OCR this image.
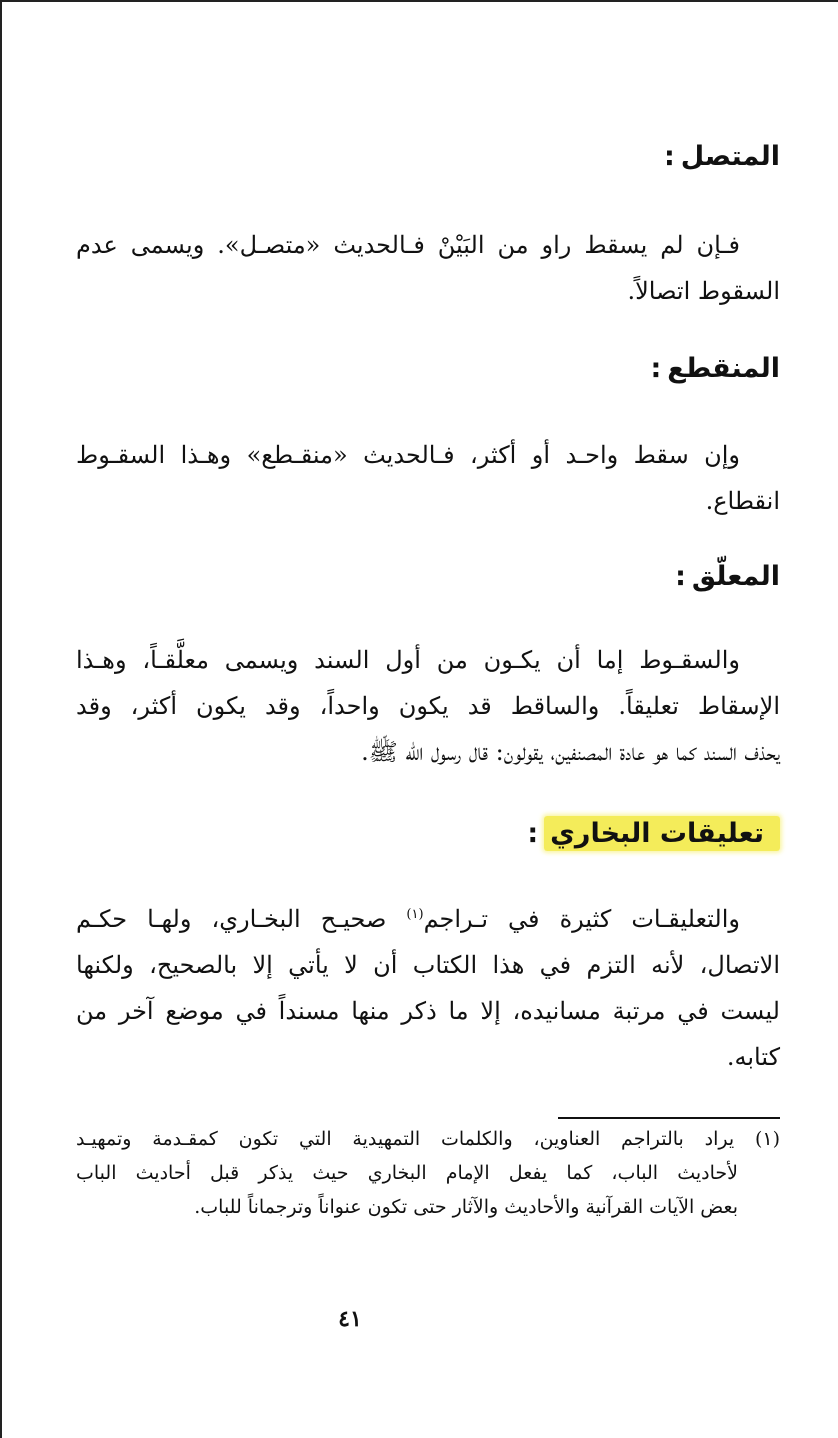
المتصل:
فـإن لم يسقط راو من البَيْنْ فـالحديث «متصـل». ويسمى عدم
السقوط اتصالاً.
المنقطع:
وإن سقط واحـد أو أكثر، فـالحديث «منقـطع» وهـذا السقـوط
انقطاع.
المعلّق:
والسقـوط إما أن يكـون من أول السند ويسمى معلَّقـاً، وهـذا
الإسقاط تعليقاً. والساقط قد يكون واحداً، وقد يكون أكثر، وقد
يحذف السند كما هو عادة المصنفين، يقولون: قال رسول الله ﷺ.
تعليقات البخاري:
والتعليقـات كثيرة في تـراجم$^{(١)}$ صحيـح البخـاري، ولهـا حكـم
الاتصال، لأنه التزم في هذا الكتاب أن لا يأتي إلا بالصحيح، ولكنها
ليست في مرتبة مسانيده، إلا ما ذكر منها مسنداً في موضع آخر من
كتابه.
(١) يراد بالتراجم العناوين، والكلمات التمهيدية التي تكون كمقـدمة وتمهيـد
لأحاديث الباب، كما يفعل الإمام البخاري حيث يذكر قبل أحاديث الباب
بعض الآيات القرآنية والأحاديث والآثار حتى تكون عنواناً وترجماناً للباب.
٤١
